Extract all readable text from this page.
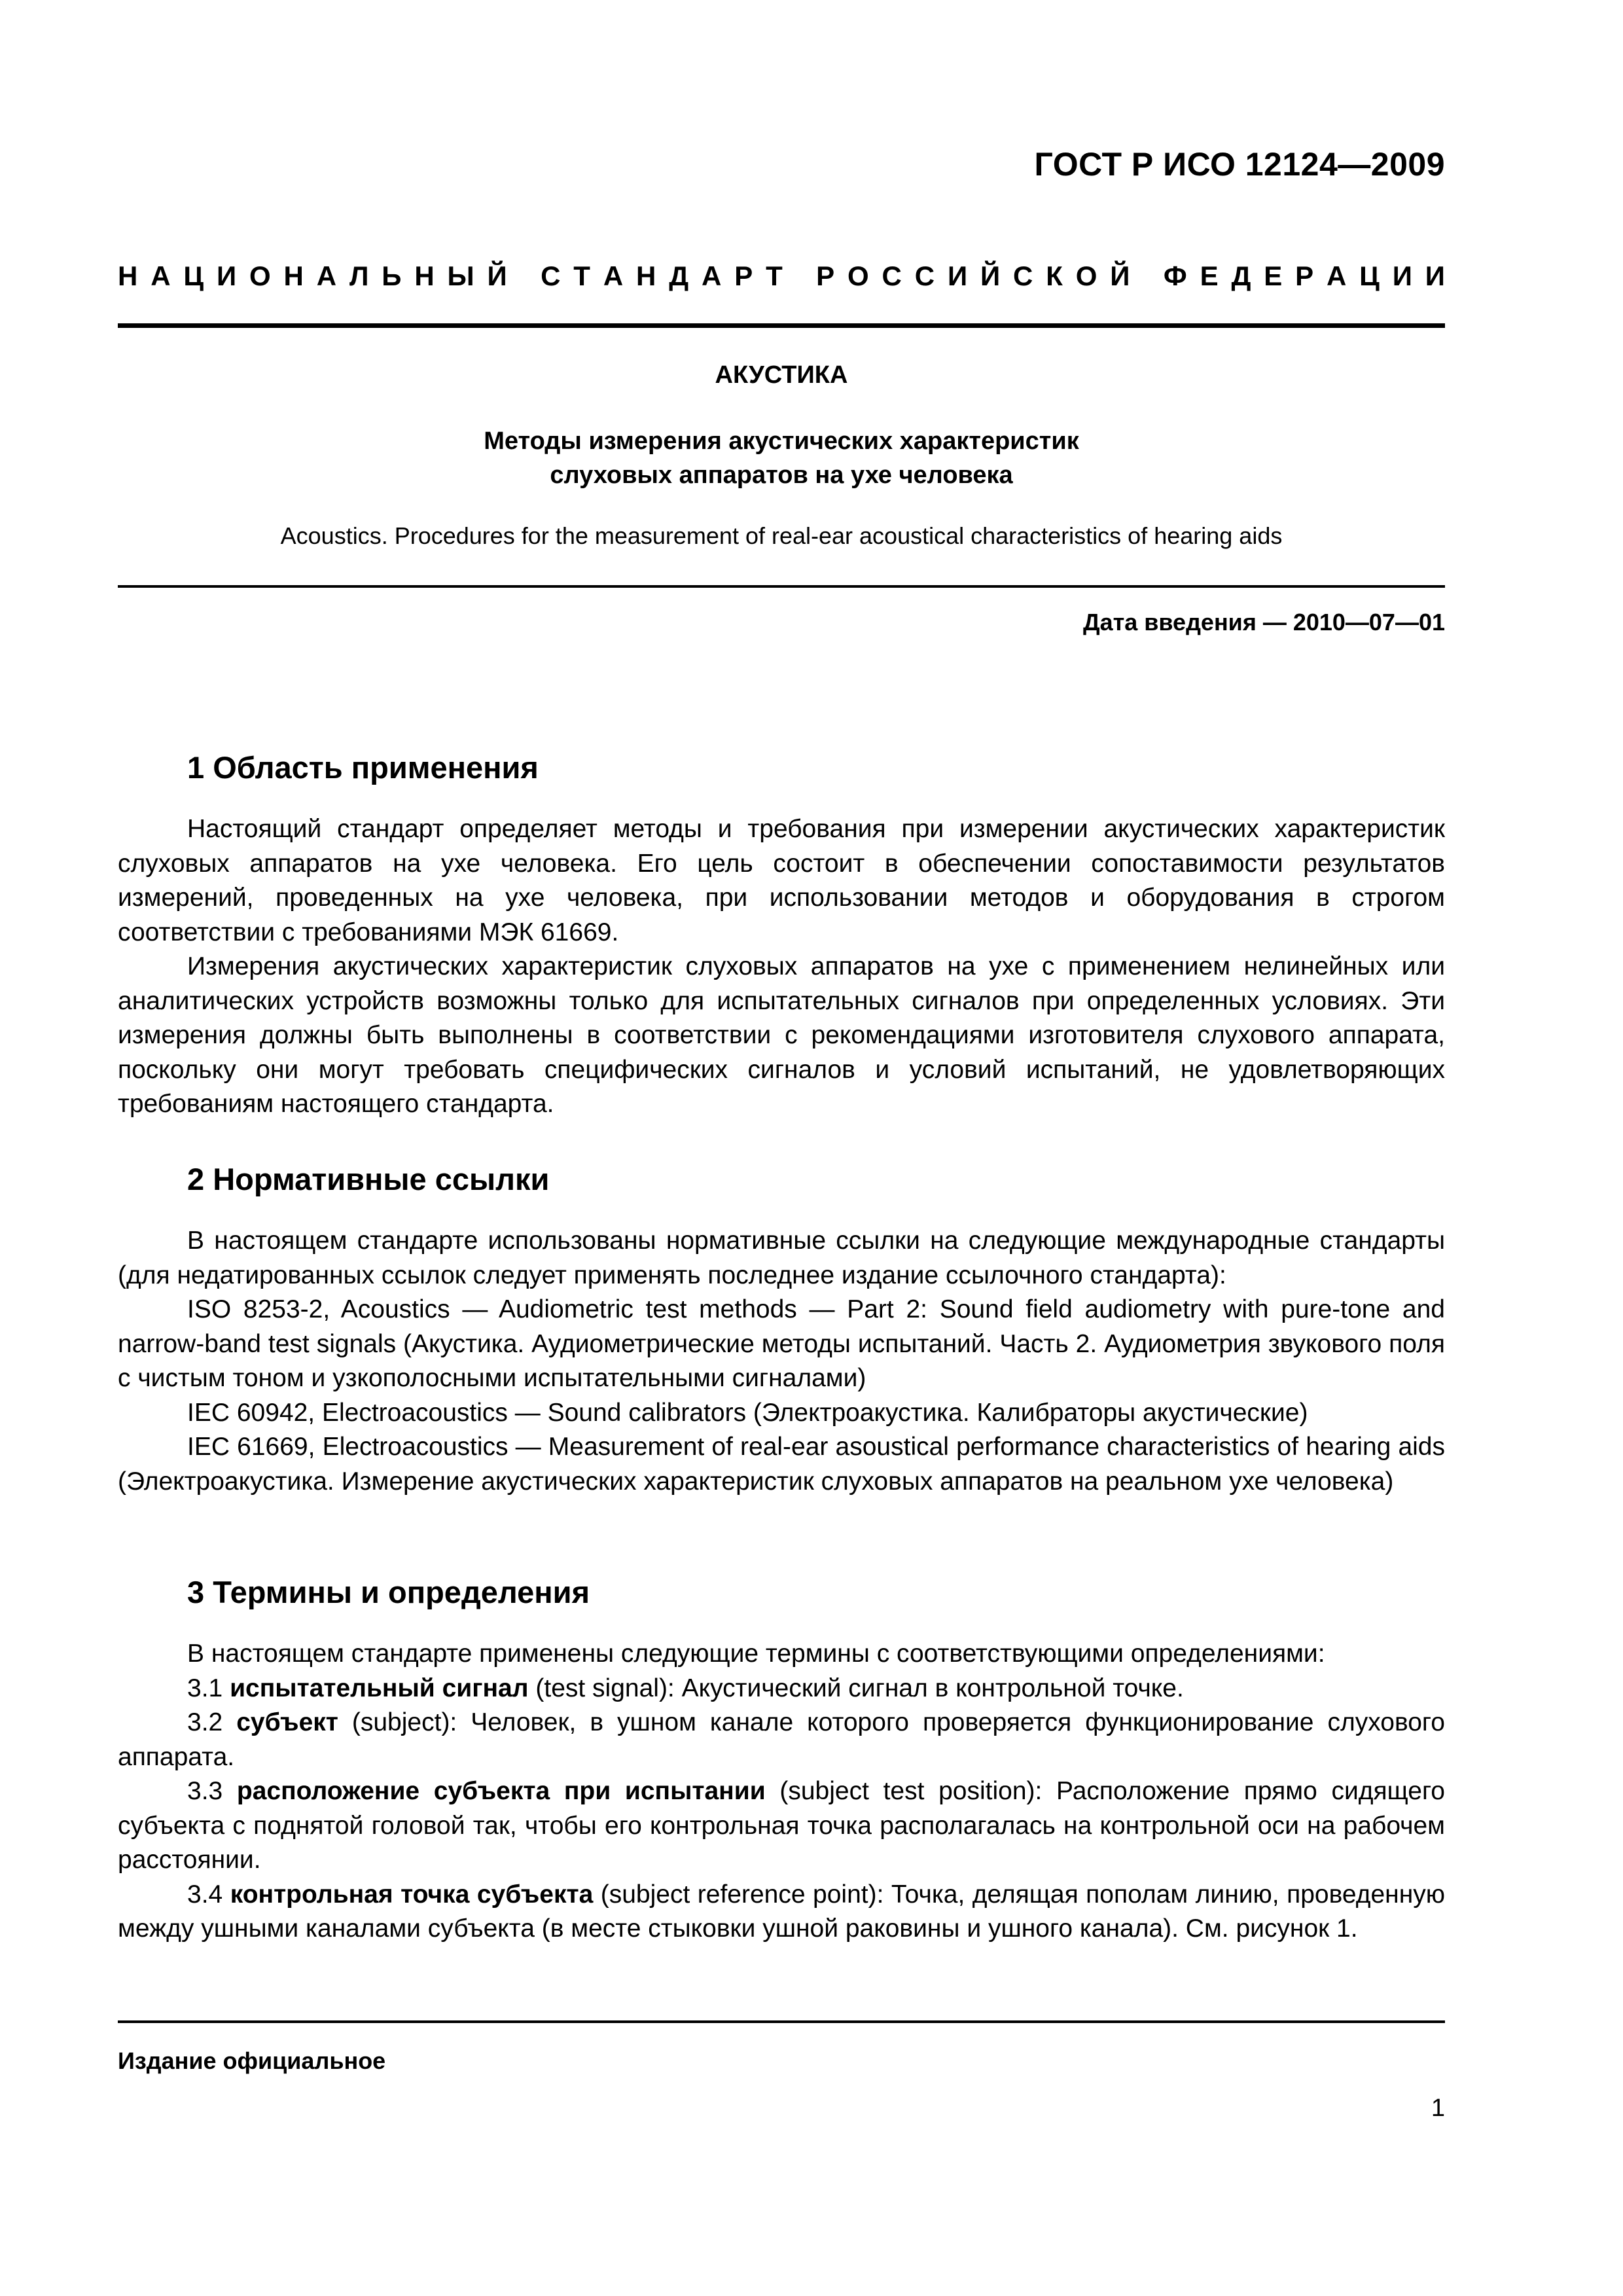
ГОСТ Р ИСО 12124—2009
Н А Ц И О Н А Л Ь Н Ы Й
С Т А Н Д А Р Т
Р О С С И Й С К О Й
Ф Е Д Е Р А Ц И И
АКУСТИКА
Методы измерения акустических характеристик
слуховых аппаратов на ухе человека
Acoustics. Procedures for the measurement of real-ear acoustical characteristics of hearing aids
Дата введения — 2010—07—01
1 Область применения

Настоящий стандарт определяет методы и требования при измерении акустических характеристик слуховых аппаратов на ухе человека. Его цель состоит в обеспечении сопоставимости результатов измерений, проведенных на ухе человека, при использовании методов и оборудования в строгом соответствии с требованиями МЭК 61669.

Измерения акустических характеристик слуховых аппаратов на ухе с применением нелинейных или аналитических устройств возможны только для испытательных сигналов при определенных условиях. Эти измерения должны быть выполнены в соответствии с рекомендациями изготовителя слухового аппарата, поскольку они могут требовать специфических сигналов и условий испытаний, не удовлетворяющих требованиям настоящего стандарта.

2 Нормативные ссылки

В настоящем стандарте использованы нормативные ссылки на следующие международные стандарты (для недатированных ссылок следует применять последнее издание ссылочного стандарта):

ISO 8253-2, Acoustics — Audiometric test methods — Part 2: Sound field audiometry with pure-tone and narrow-band test signals (Акустика. Аудиометрические методы испытаний. Часть 2. Аудиометрия звукового поля с чистым тоном и узкополосными испытательными сигналами)

IEC 60942, Electroacoustics — Sound calibrators (Электроакустика. Калибраторы акустические)

IEC 61669, Electroacoustics — Measurement of real-ear asoustical performance characteristics of hearing aids (Электроакустика. Измерение акустических характеристик слуховых аппаратов на реальном ухе человека)

3 Термины и определения

В настоящем стандарте применены следующие термины с соответствующими определениями:

3.1 испытательный сигнал (test signal): Акустический сигнал в контрольной точке.

3.2 субъект (subject): Человек, в ушном канале которого проверяется функционирование слухового аппарата.

3.3 расположение субъекта при испытании (subject test position): Расположение прямо сидящего субъекта с поднятой головой так, чтобы его контрольная точка располагалась на контрольной оси на рабочем расстоянии.

3.4 контрольная точка субъекта (subject reference point): Точка, делящая пополам линию, проведенную между ушными каналами субъекта (в месте стыковки ушной раковины и ушного канала). См. рисунок 1.

Издание официальное
1
